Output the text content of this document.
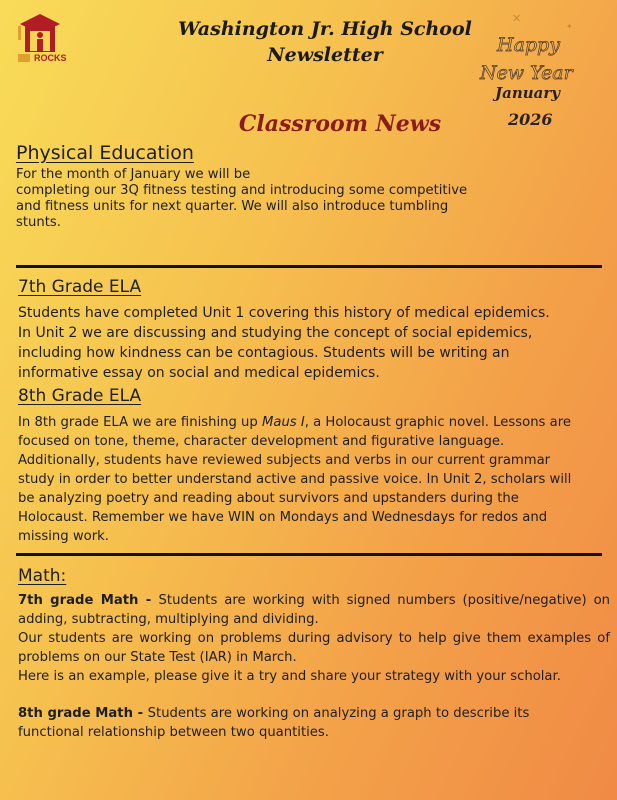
ROCKS
Washington Jr. High School
Newsletter
✕
✦
Happy
New Year
January
2026
Classroom News
Physical Education
For the month of January we will be
completing our 3Q fitness testing and introducing some competitive
and fitness units for next quarter. We will also introduce tumbling
stunts.
7th Grade ELA
Students have completed Unit 1 covering this history of medical epidemics.
In Unit 2 we are discussing and studying the concept of social epidemics,
including how kindness can be contagious. Students will be writing an
informative essay on social and medical epidemics.
8th Grade ELA
In 8th grade ELA we are finishing up Maus I, a Holocaust graphic novel. Lessons are
focused on tone, theme, character development and figurative language.
Additionally, students have reviewed subjects and verbs in our current grammar
study in order to better understand active and passive voice. In Unit 2, scholars will
be analyzing poetry and reading about survivors and upstanders during the
Holocaust. Remember we have WIN on Mondays and Wednesdays for redos and
missing work.
Math:

7th grade Math - Students are working with signed numbers (positive/negative) on adding, subtracting, multiplying and dividing.

Our students are working on problems during advisory to help give them examples of problems on our State Test (IAR) in March.

Here is an example, please give it a try and share your strategy with your scholar.

8th grade Math - Students are working on analyzing a graph to describe its

functional relationship between two quantities.
